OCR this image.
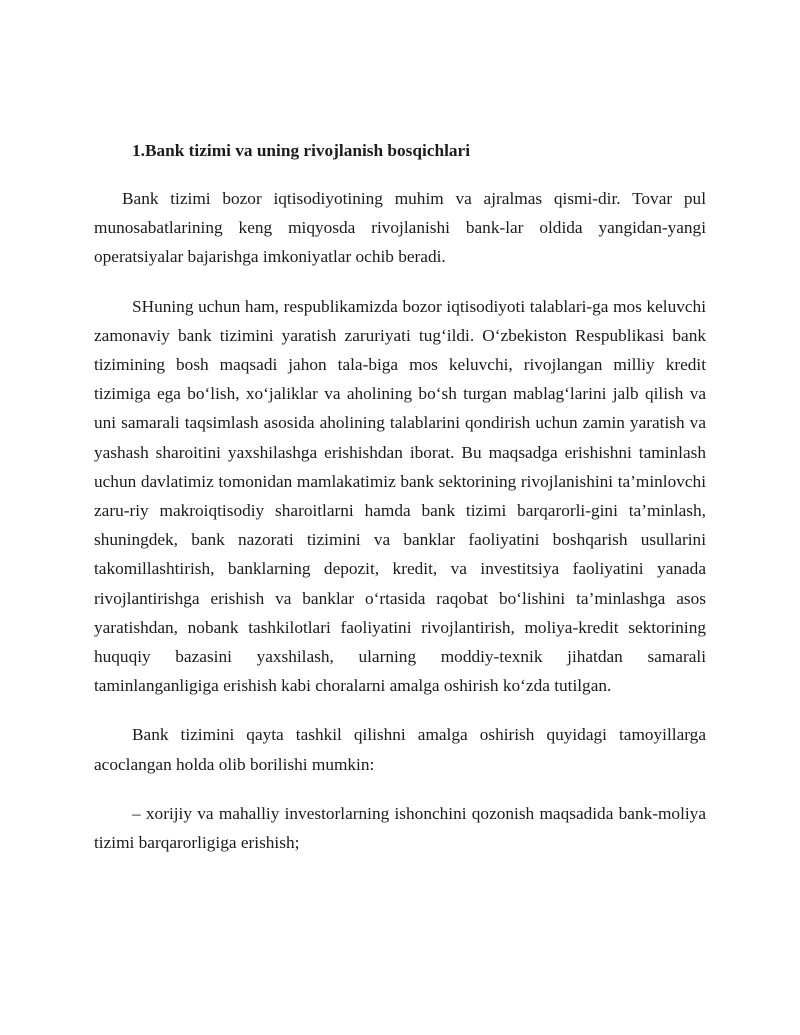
1.Bank tizimi va uning rivojlanish bosqichlari

Bank tizimi bozor iqtisodiyotining muhim va ajralmas qismi-dir. Tovar pul munosabatlarining keng miqyosda rivojlanishi bank-lar oldida yangidan-yangi operatsiyalar bajarishga imkoniyatlar ochib beradi.

SHuning uchun ham, respublikamizda bozor iqtisodiyoti talablari-ga mos keluvchi zamonaviy bank tizimini yaratish zaruriyati tug‘ildi. O‘zbekiston Respublikasi bank tizimining bosh maqsadi jahon tala-biga mos keluvchi, rivojlangan milliy kredit tizimiga ega bo‘lish, xo‘jaliklar va aholining bo‘sh turgan mablag‘larini jalb qilish va uni samarali taqsimlash asosida aholining talablarini qondirish uchun zamin yaratish va yashash sharoitini yaxshilashga erishishdan iborat. Bu maqsadga erishishni taminlash uchun davlatimiz tomonidan mamlakatimiz bank sektorining rivojlanishini ta’minlovchi zaru-riy makroiqtisodiy sharoitlarni hamda bank tizimi barqarorli-gini ta’minlash, shuningdek, bank nazorati tizimini va banklar faoliyatini boshqarish usullarini takomillashtirish, banklarning depozit, kredit, va investitsiya faoliyatini yanada rivojlantirishga erishish va banklar o‘rtasida raqobat bo‘lishini ta’minlashga asos yaratishdan, nobank tashkilotlari faoliyatini rivojlantirish, moliya-kredit sektorining huquqiy bazasini yaxshilash, ularning moddiy-texnik jihatdan samarali taminlanganligiga erishish kabi choralarni amalga oshirish ko‘zda tutilgan.

Bank tizimini qayta tashkil qilishni amalga oshirish quyidagi tamoyillarga acoclangan holda olib borilishi mumkin:

– xorijiy va mahalliy investorlarning ishonchini qozonish maqsadida bank-moliya tizimi barqarorligiga erishish;
